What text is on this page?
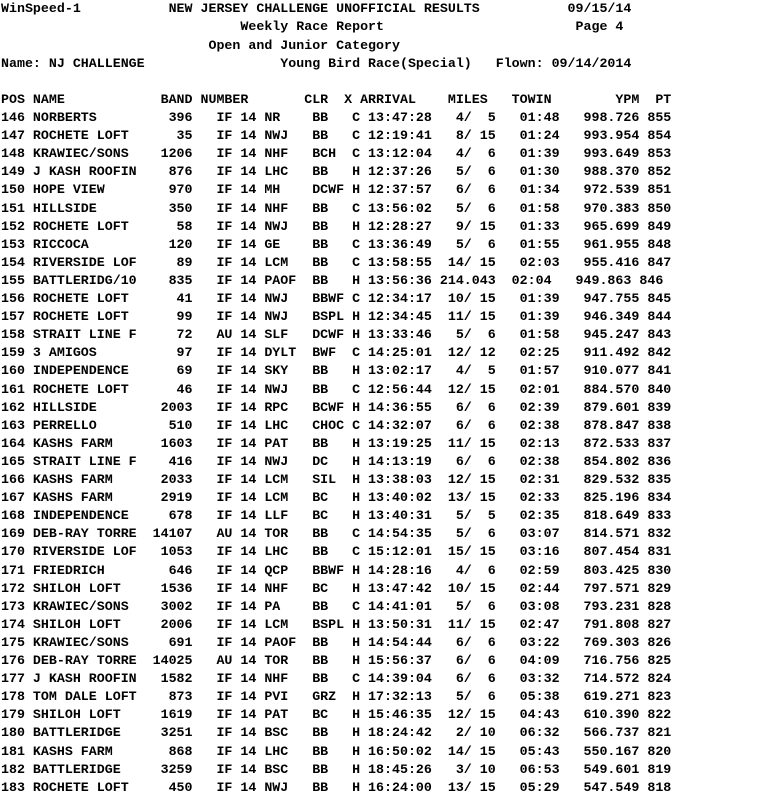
WinSpeed-1           NEW JERSEY CHALLENGE UNOFFICIAL RESULTS           09/15/14
Weekly Race Report                        Page 4
Open and Junior Category
Name: NJ CHALLENGE                 Young Bird Race(Special)   Flown: 09/14/2014
POS NAME            BAND NUMBER       CLR  X ARRIVAL    MILES   TOWIN        YPM  PT
146 NORBERTS         396   IF 14 NR    BB   C 13:47:28   4/  5   01:48   998.726 855
147 ROCHETE LOFT      35   IF 14 NWJ   BB   C 12:19:41   8/ 15   01:24   993.954 854
148 KRAWIEC/SONS    1206   IF 14 NHF   BCH  C 13:12:04   4/  6   01:39   993.649 853
149 J KASH ROOFIN    876   IF 14 LHC   BB   H 12:37:26   5/  6   01:30   988.370 852
150 HOPE VIEW        970   IF 14 MH    DCWF H 12:37:57   6/  6   01:34   972.539 851
151 HILLSIDE         350   IF 14 NHF   BB   C 13:56:02   5/  6   01:58   970.383 850
152 ROCHETE LOFT      58   IF 14 NWJ   BB   H 12:28:27   9/ 15   01:33   965.699 849
153 RICCOCA          120   IF 14 GE    BB   C 13:36:49   5/  6   01:55   961.955 848
154 RIVERSIDE LOF     89   IF 14 LCM   BB   C 13:58:55  14/ 15   02:03   955.416 847
155 BATTLERIDG/10    835   IF 14 PAOF  BB   H 13:56:36 214.043  02:04   949.863 846
156 ROCHETE LOFT      41   IF 14 NWJ   BBWF C 12:34:17  10/ 15   01:39   947.755 845
157 ROCHETE LOFT      99   IF 14 NWJ   BSPL H 12:34:45  11/ 15   01:39   946.349 844
158 STRAIT LINE F     72   AU 14 SLF   DCWF H 13:33:46   5/  6   01:58   945.247 843
159 3 AMIGOS          97   IF 14 DYLT  BWF  C 14:25:01  12/ 12   02:25   911.492 842
160 INDEPENDENCE      69   IF 14 SKY   BB   H 13:02:17   4/  5   01:57   910.077 841
161 ROCHETE LOFT      46   IF 14 NWJ   BB   C 12:56:44  12/ 15   02:01   884.570 840
162 HILLSIDE        2003   IF 14 RPC   BCWF H 14:36:55   6/  6   02:39   879.601 839
163 PERRELLO         510   IF 14 LHC   CHOC C 14:32:07   6/  6   02:38   878.847 838
164 KASHS FARM      1603   IF 14 PAT   BB   H 13:19:25  11/ 15   02:13   872.533 837
165 STRAIT LINE F    416   IF 14 NWJ   DC   H 14:13:19   6/  6   02:38   854.802 836
166 KASHS FARM      2033   IF 14 LCM   SIL  H 13:38:03  12/ 15   02:31   829.532 835
167 KASHS FARM      2919   IF 14 LCM   BC   H 13:40:02  13/ 15   02:33   825.196 834
168 INDEPENDENCE     678   IF 14 LLF   BC   H 13:40:31   5/  5   02:35   818.649 833
169 DEB-RAY TORRE  14107   AU 14 TOR   BB   C 14:54:35   5/  6   03:07   814.571 832
170 RIVERSIDE LOF   1053   IF 14 LHC   BB   C 15:12:01  15/ 15   03:16   807.454 831
171 FRIEDRICH        646   IF 14 QCP   BBWF H 14:28:16   4/  6   02:59   803.425 830
172 SHILOH LOFT     1536   IF 14 NHF   BC   H 13:47:42  10/ 15   02:44   797.571 829
173 KRAWIEC/SONS    3002   IF 14 PA    BB   C 14:41:01   5/  6   03:08   793.231 828
174 SHILOH LOFT     2006   IF 14 LCM   BSPL H 13:50:31  11/ 15   02:47   791.808 827
175 KRAWIEC/SONS     691   IF 14 PAOF  BB   H 14:54:44   6/  6   03:22   769.303 826
176 DEB-RAY TORRE  14025   AU 14 TOR   BB   H 15:56:37   6/  6   04:09   716.756 825
177 J KASH ROOFIN   1582   IF 14 NHF   BB   C 14:39:04   6/  6   03:32   714.572 824
178 TOM DALE LOFT    873   IF 14 PVI   GRZ  H 17:32:13   5/  6   05:38   619.271 823
179 SHILOH LOFT     1619   IF 14 PAT   BC   H 15:46:35  12/ 15   04:43   610.390 822
180 BATTLERIDGE     3251   IF 14 BSC   BB   H 18:24:42   2/ 10   06:32   566.737 821
181 KASHS FARM       868   IF 14 LHC   BB   H 16:50:02  14/ 15   05:43   550.167 820
182 BATTLERIDGE     3259   IF 14 BSC   BB   H 18:45:26   3/ 10   06:53   549.601 819
183 ROCHETE LOFT     450   IF 14 NWJ   BB   H 16:24:00  13/ 15   05:29   547.549 818
